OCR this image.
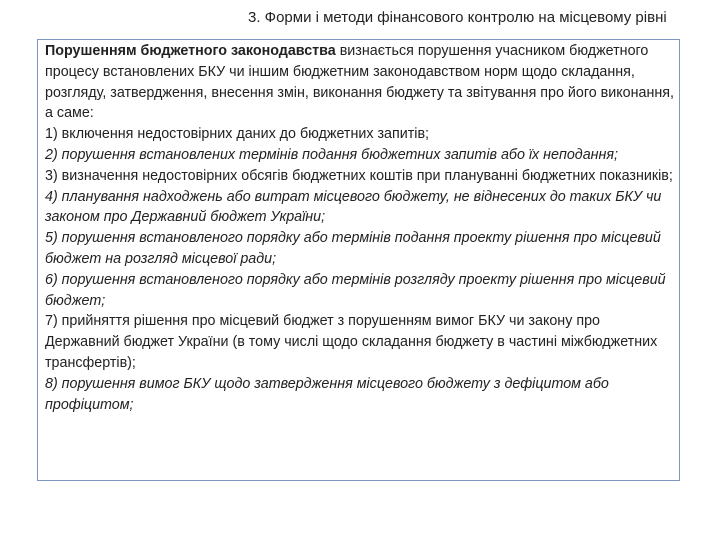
3. Форми і методи фінансового контролю на місцевому рівні

Порушенням бюджетного законодавства визнається порушення учасником бюджетного процесу встановлених БКУ чи іншим бюджетним законодавством норм щодо складання, розгляду, затвердження, внесення змін, виконання бюджету та звітування про його виконання, а саме:

1) включення недостовірних даних до бюджетних запитів;

2) порушення встановлених термінів подання бюджетних запитів або їх неподання;

3) визначення недостовірних обсягів бюджетних коштів при плануванні бюджетних показників;

4) планування надходжень або витрат місцевого бюджету, не віднесених до таких БКУ чи законом про Державний бюджет України;

5) порушення встановленого порядку або термінів подання проекту рішення про місцевий бюджет на розгляд місцевої ради;

6) порушення встановленого порядку або термінів розгляду проекту рішення про місцевий бюджет;

7) прийняття рішення про місцевий бюджет з порушенням вимог БКУ чи закону про Державний бюджет України (в тому числі щодо складання бюджету в частині міжбюджетних трансфертів);

8) порушення вимог БКУ щодо затвердження місцевого бюджету з дефіцитом або профіцитом;
